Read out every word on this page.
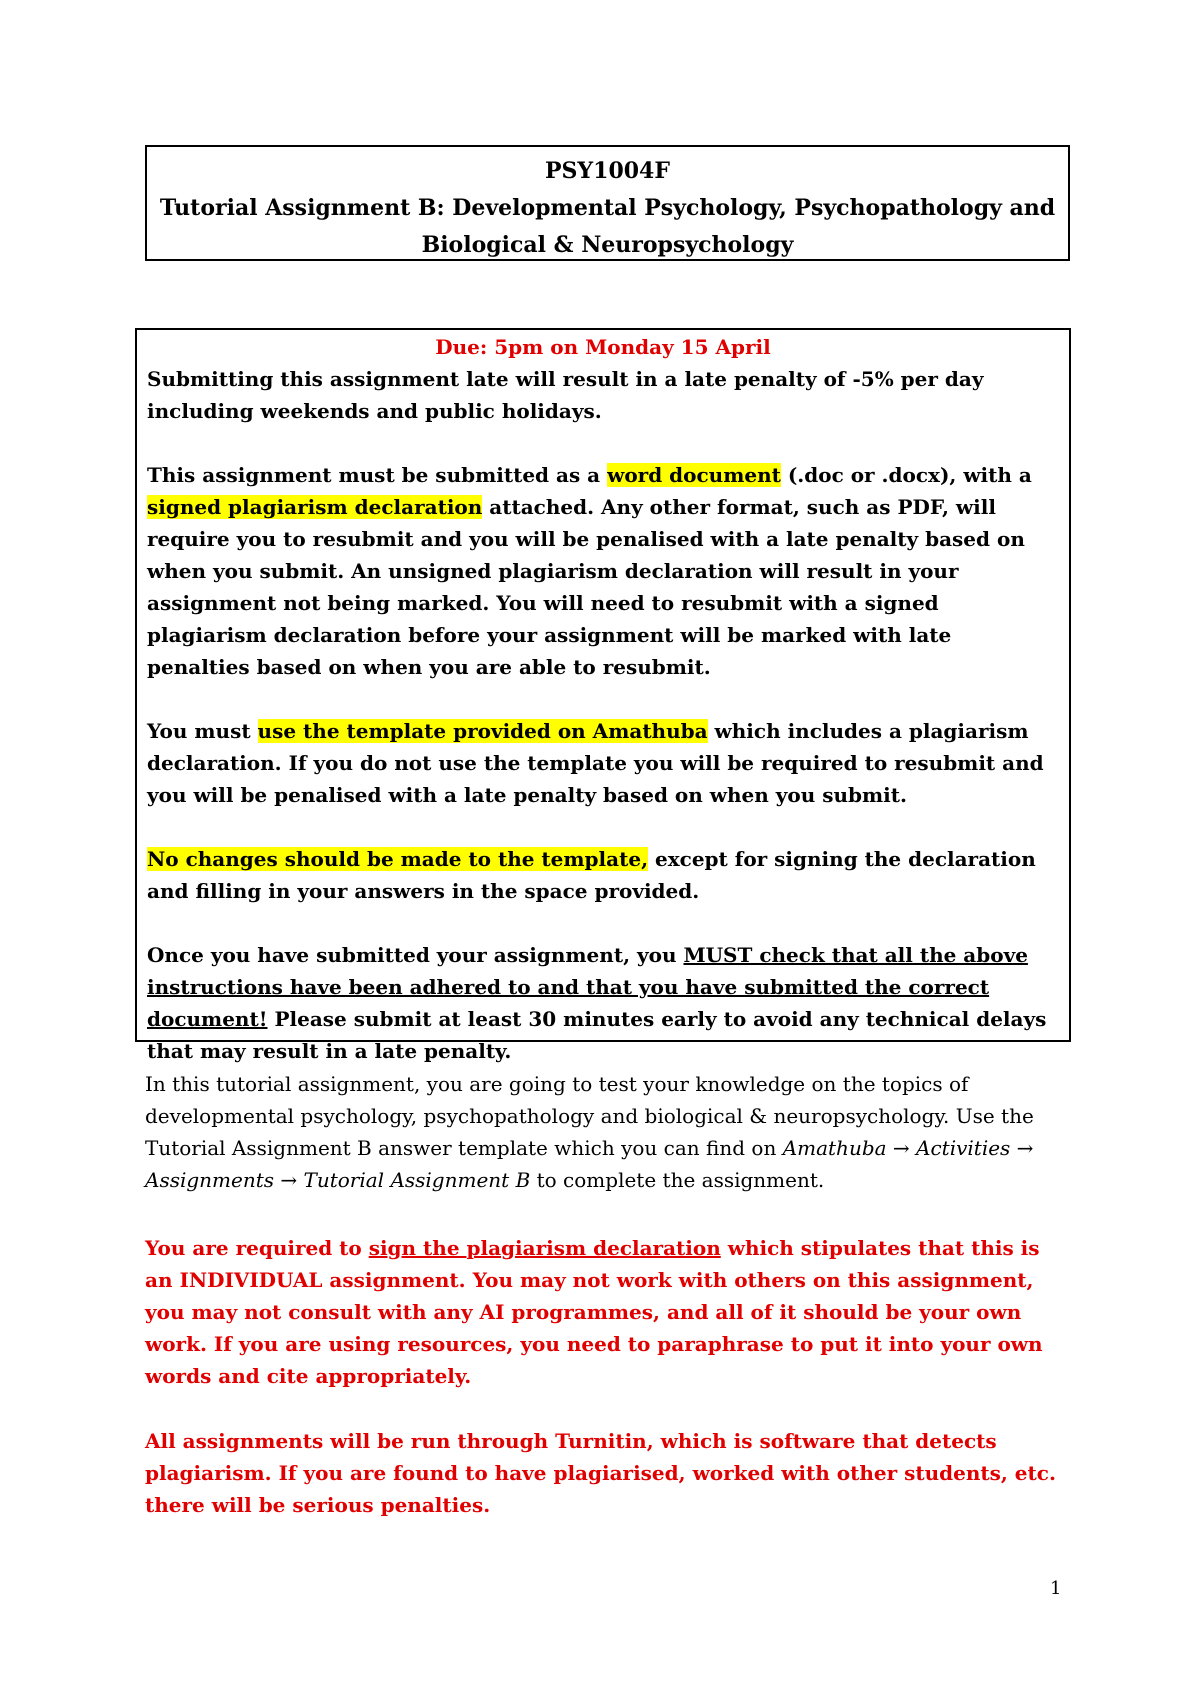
PSY1004F
Tutorial Assignment B: Developmental Psychology, Psychopathology and
Biological & Neuropsychology

Due: 5pm on Monday 15 April

Submitting this assignment late will result in a late penalty of -5% per day including weekends and public holidays.

This assignment must be submitted as a word document (.doc or .docx), with a signed plagiarism declaration attached. Any other format, such as PDF, will require you to resubmit and you will be penalised with a late penalty based on when you submit. An unsigned plagiarism declaration will result in your assignment not being marked. You will need to resubmit with a signed plagiarism declaration before your assignment will be marked with late penalties based on when you are able to resubmit.

You must use the template provided on Amathuba which includes a plagiarism declaration. If you do not use the template you will be required to resubmit and you will be penalised with a late penalty based on when you submit.

No changes should be made to the template, except for signing the declaration and filling in your answers in the space provided.

Once you have submitted your assignment, you MUST check that all the above instructions have been adhered to and that you have submitted the correct document! Please submit at least 30 minutes early to avoid any technical delays that may result in a late penalty.

In this tutorial assignment, you are going to test your knowledge on the topics of developmental psychology, psychopathology and biological & neuropsychology. Use the Tutorial Assignment B answer template which you can find on Amathuba → Activities → Assignments → Tutorial Assignment B to complete the assignment.

You are required to sign the plagiarism declaration which stipulates that this is an INDIVIDUAL assignment. You may not work with others on this assignment, you may not consult with any AI programmes, and all of it should be your own work. If you are using resources, you need to paraphrase to put it into your own words and cite appropriately.

All assignments will be run through Turnitin, which is software that detects plagiarism. If you are found to have plagiarised, worked with other students, etc. there will be serious penalties.

1
